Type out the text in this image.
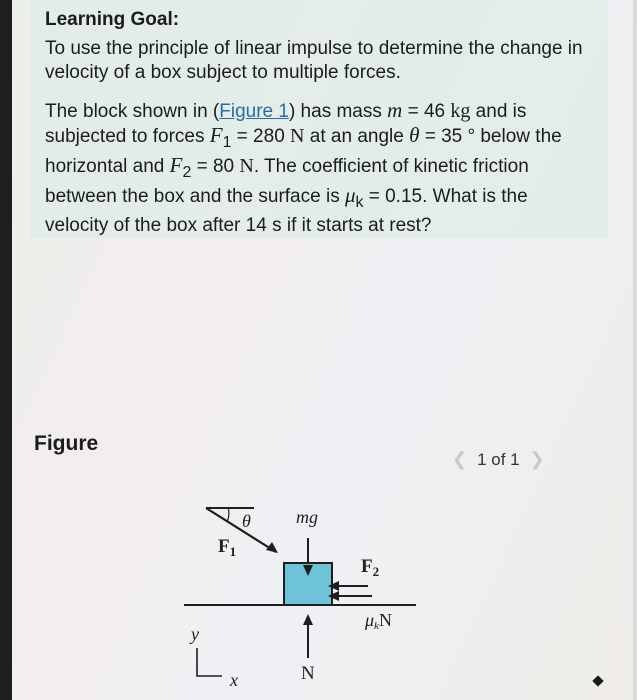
Learning Goal:
To use the principle of linear impulse to determine the change in velocity of a box subject to multiple forces.
The block shown in (Figure 1) has mass m = 46 kg and is subjected to forces $F_1 = 280$ N at an angle θ = 35 ° below the horizontal and $F_2 = 80$ N. The coefficient of kinetic friction between the box and the surface is $\mu_k = 0.15$. What is the velocity of the box after 14 s if it starts at rest?
Figure
❮ 1 of 1 ❯
θ	mg
$F_1$
$F_2$
μkN
N
y
x
